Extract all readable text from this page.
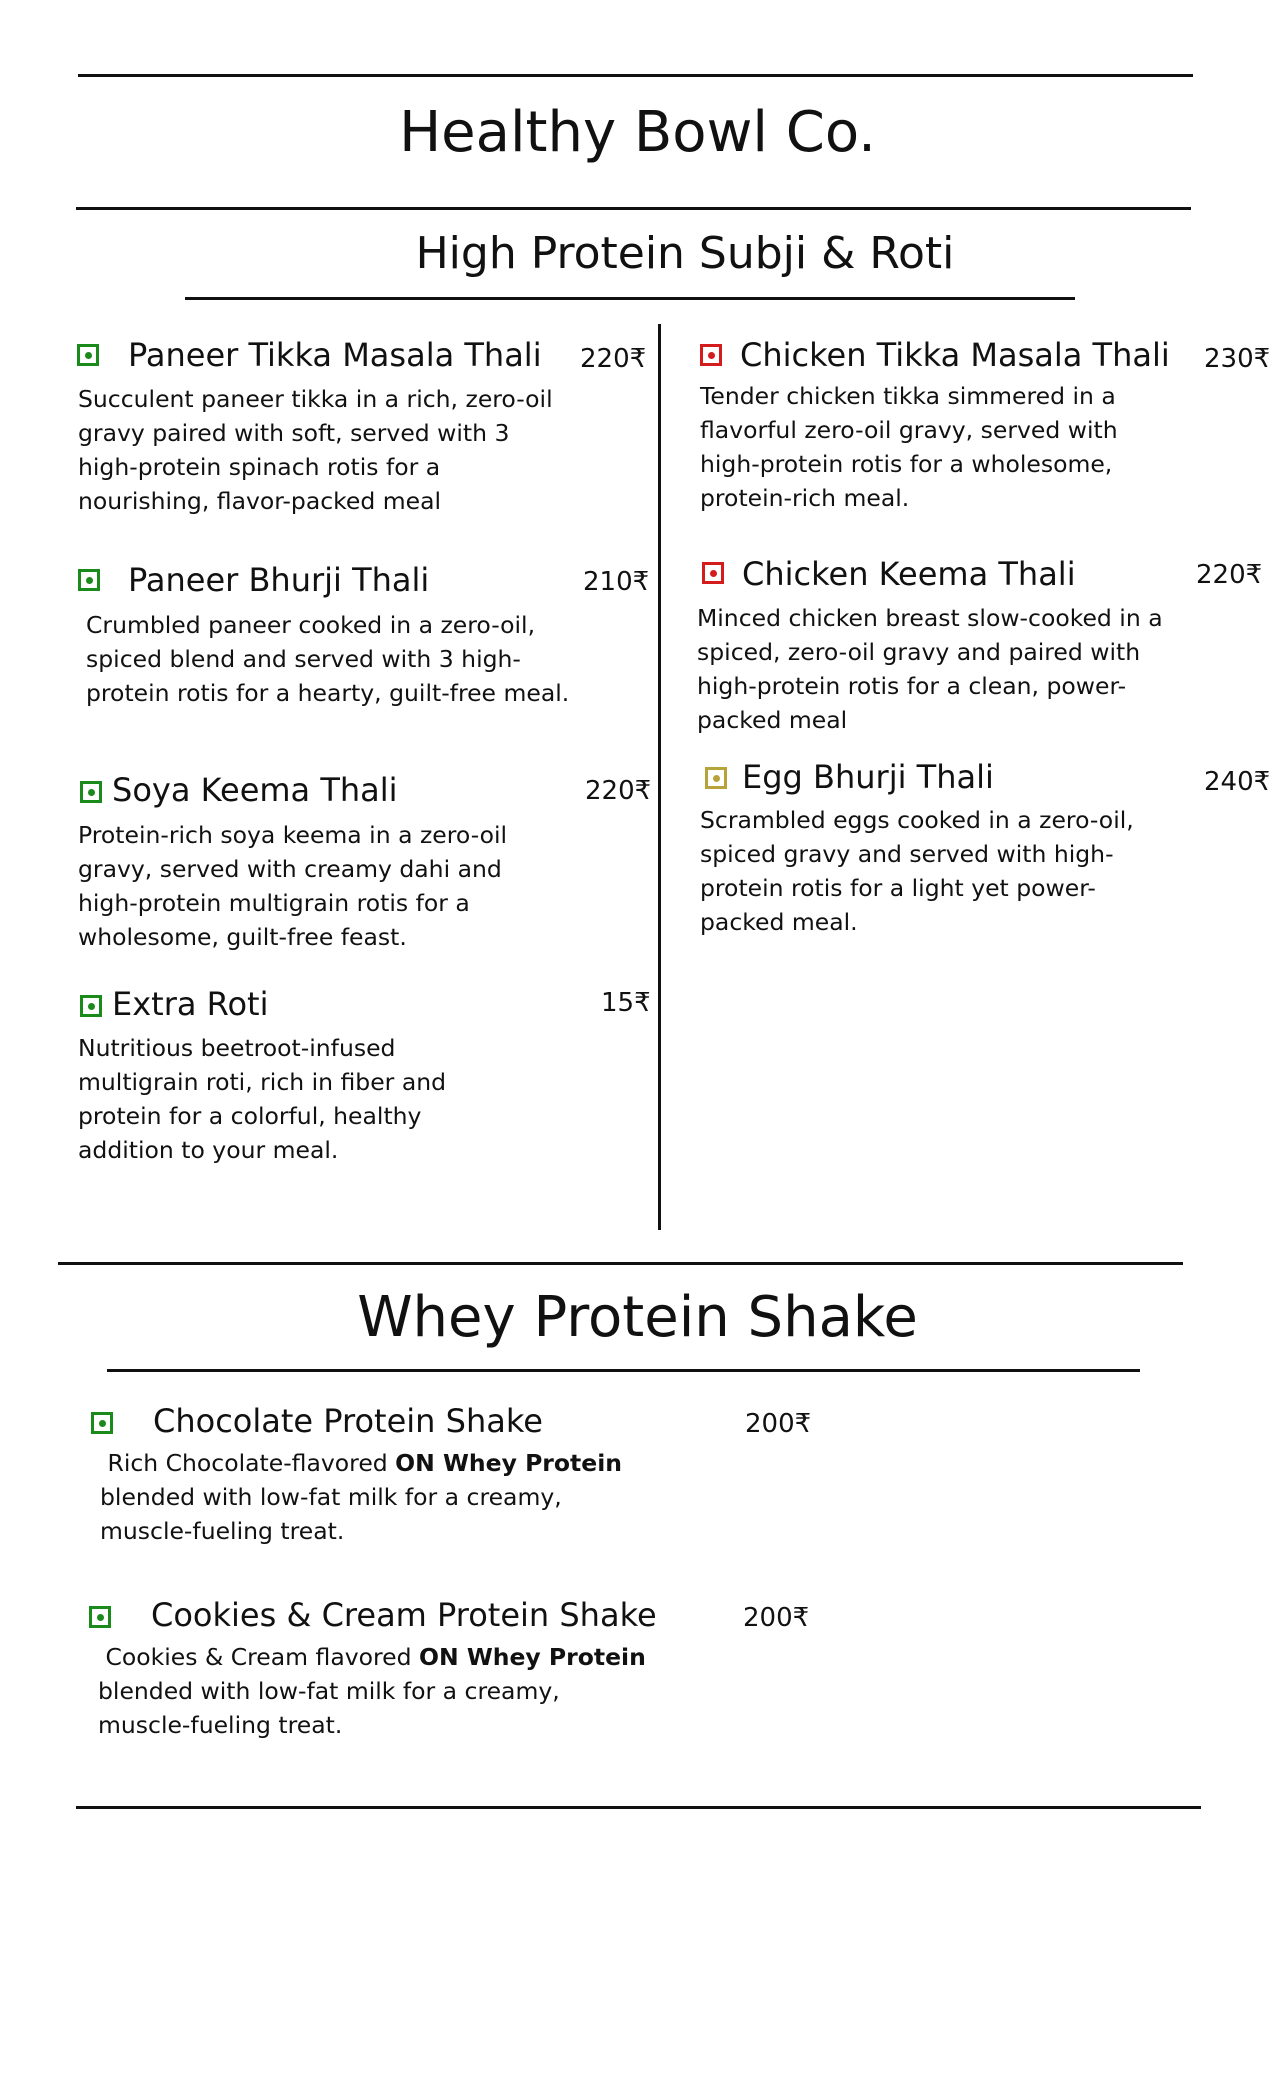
Healthy Bowl Co.
High Protein Subji & Roti
Paneer Tikka Masala Thali 220₹
Succulent paneer tikka in a rich, zero-oil gravy paired with soft, served with 3 high-protein spinach rotis for a nourishing, flavor-packed meal
Paneer Bhurji Thali	210₹
Crumbled paneer cooked in a zero-oil, spiced blend and served with 3 high-protein rotis for a hearty, guilt-free meal.
Soya Keema Thali	220₹
Protein-rich soya keema in a zero-oil gravy, served with creamy dahi and high-protein multigrain rotis for a wholesome, guilt-free feast.
Extra Roti	15₹
Nutritious beetroot-infused multigrain roti, rich in fiber and protein for a colorful, healthy addition to your meal.
Chicken Tikka Masala Thali 230₹
Tender chicken tikka simmered in a flavorful zero-oil gravy, served with high-protein rotis for a wholesome, protein-rich meal.
Chicken Keema Thali	220₹
Minced chicken breast slow-cooked in a spiced, zero-oil gravy and paired with high-protein rotis for a clean, power-packed meal
Egg Bhurji Thali	240₹
Scrambled eggs cooked in a zero-oil, spiced gravy and served with high-protein rotis for a light yet power-packed meal.
Whey Protein Shake
Chocolate Protein Shake	200₹
Rich Chocolate-flavored ON Whey Protein blended with low-fat milk for a creamy, muscle-fueling treat.
Cookies & Cream Protein Shake	200₹
Cookies & Cream flavored ON Whey Protein blended with low-fat milk for a creamy, muscle-fueling treat.
